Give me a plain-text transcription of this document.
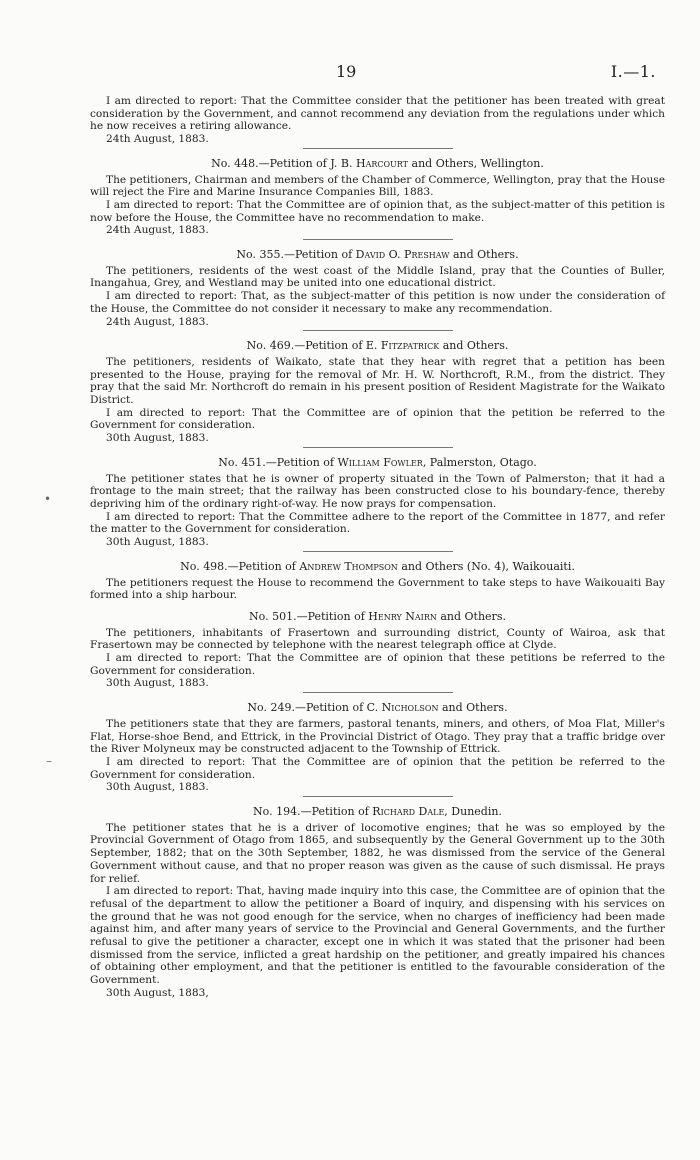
19	I.—1.
•
–

I am directed to report: That the Committee consider that the petitioner has been treated with great consideration by the Government, and cannot recommend any deviation from the regulations under which he now receives a retiring allowance.

24th August, 1883.

No. 448.—Petition of J. B. Harcourt and Others, Wellington.

The petitioners, Chairman and members of the Chamber of Commerce, Wellington, pray that the House will reject the Fire and Marine Insurance Companies Bill, 1883.

I am directed to report: That the Committee are of opinion that, as the subject-matter of this petition is now before the House, the Committee have no recommendation to make.

24th August, 1883.

No. 355.—Petition of David O. Preshaw and Others.

The petitioners, residents of the west coast of the Middle Island, pray that the Counties of Buller, Inangahua, Grey, and Westland may be united into one educational district.

I am directed to report: That, as the subject-matter of this petition is now under the consideration of the House, the Committee do not consider it necessary to make any recommendation.

24th August, 1883.

No. 469.—Petition of E. Fitzpatrick and Others.

The petitioners, residents of Waikato, state that they hear with regret that a petition has been presented to the House, praying for the removal of Mr. H. W. Northcroft, R.M., from the district. They pray that the said Mr. Northcroft do remain in his present position of Resident Magistrate for the Waikato District.

I am directed to report: That the Committee are of opinion that the petition be referred to the Government for consideration.

30th August, 1883.

No. 451.—Petition of William Fowler, Palmerston, Otago.

The petitioner states that he is owner of property situated in the Town of Palmerston; that it had a frontage to the main street; that the railway has been constructed close to his boundary-fence, thereby depriving him of the ordinary right-of-way. He now prays for compensation.

I am directed to report: That the Committee adhere to the report of the Committee in 1877, and refer the matter to the Government for consideration.

30th August, 1883.

No. 498.—Petition of Andrew Thompson and Others (No. 4), Waikouaiti.

The petitioners request the House to recommend the Government to take steps to have Waikouaiti Bay formed into a ship harbour.

No. 501.—Petition of Henry Nairn and Others.

The petitioners, inhabitants of Frasertown and surrounding district, County of Wairoa, ask that Frasertown may be connected by telephone with the nearest telegraph office at Clyde.

I am directed to report: That the Committee are of opinion that these petitions be referred to the Government for consideration.

30th August, 1883.

No. 249.—Petition of C. Nicholson and Others.

The petitioners state that they are farmers, pastoral tenants, miners, and others, of Moa Flat, Miller's Flat, Horse-shoe Bend, and Ettrick, in the Provincial District of Otago. They pray that a traffic bridge over the River Molyneux may be constructed adjacent to the Township of Ettrick.

I am directed to report: That the Committee are of opinion that the petition be referred to the Government for consideration.

30th August, 1883.

No. 194.—Petition of Richard Dale, Dunedin.

The petitioner states that he is a driver of locomotive engines; that he was so employed by the Provincial Government of Otago from 1865, and subsequently by the General Government up to the 30th September, 1882; that on the 30th September, 1882, he was dismissed from the service of the General Government without cause, and that no proper reason was given as the cause of such dismissal. He prays for relief.

I am directed to report: That, having made inquiry into this case, the Committee are of opinion that the refusal of the department to allow the petitioner a Board of inquiry, and dispensing with his services on the ground that he was not good enough for the service, when no charges of inefficiency had been made against him, and after many years of service to the Provincial and General Governments, and the further refusal to give the petitioner a character, except one in which it was stated that the prisoner had been dismissed from the service, inflicted a great hardship on the petitioner, and greatly impaired his chances of obtaining other employment, and that the petitioner is entitled to the favourable consideration of the Government.

30th August, 1883,
